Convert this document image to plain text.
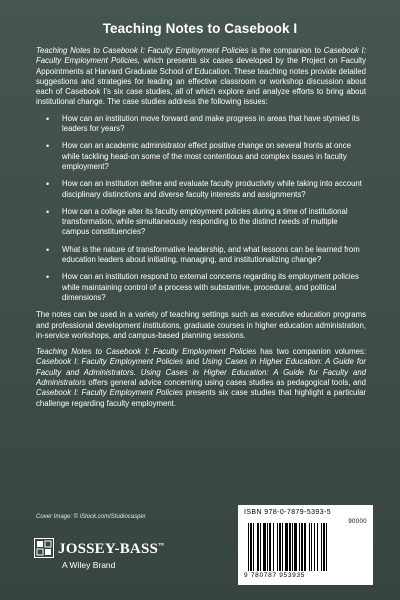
Teaching Notes to Casebook I

Teaching Notes to Casebook I: Faculty Employment Policies is the companion to Casebook I: Faculty Employment Policies, which presents six cases developed by the Project on Faculty Appointments at Harvard Graduate School of Education. These teaching notes provide detailed suggestions and strategies for leading an effective classroom or workshop discussion about each of Casebook I’s six case studies, all of which explore and analyze efforts to bring about institutional change. The case studies address the following issues:

• How can an institution move forward and make progress in areas that have stymied its leaders for years?
• How can an academic administrator effect positive change on several fronts at once while tackling head-on some of the most contentious and complex issues in faculty employment?
• How can an institution define and evaluate faculty productivity while taking into account disciplinary distinctions and diverse faculty interests and assignments?
• How can a college alter its faculty employment policies during a time of institutional transformation, while simultaneously responding to the distinct needs of multiple campus constituencies?
• What is the nature of transformative leadership, and what lessons can be learned from education leaders about initiating, managing, and institutionalizing change?
• How can an institution respond to external concerns regarding its employment policies while maintaining control of a process with substantive, procedural, and political dimensions?

The notes can be used in a variety of teaching settings such as executive education programs and professional development institutions, graduate courses in higher education administration, in-service workshops, and campus-based planning sessions.

Teaching Notes to Casebook I: Faculty Employment Policies has two companion volumes: Casebook I: Faculty Employment Policies and Using Cases in Higher Education: A Guide for Faculty and Administrators. Using Cases in Higher Education: A Guide for Faculty and Administrators offers general advice concerning using cases studies as pedagogical tools, and Casebook I: Faculty Employment Policies presents six case studies that highlight a particular challenge regarding faculty employment.

Cover Image: © iStock.com/Studiocasper
JOSSEY-BASS™
A Wiley Brand
ISBN 978-0-7879-5393-5
90000
9 780787 953935
